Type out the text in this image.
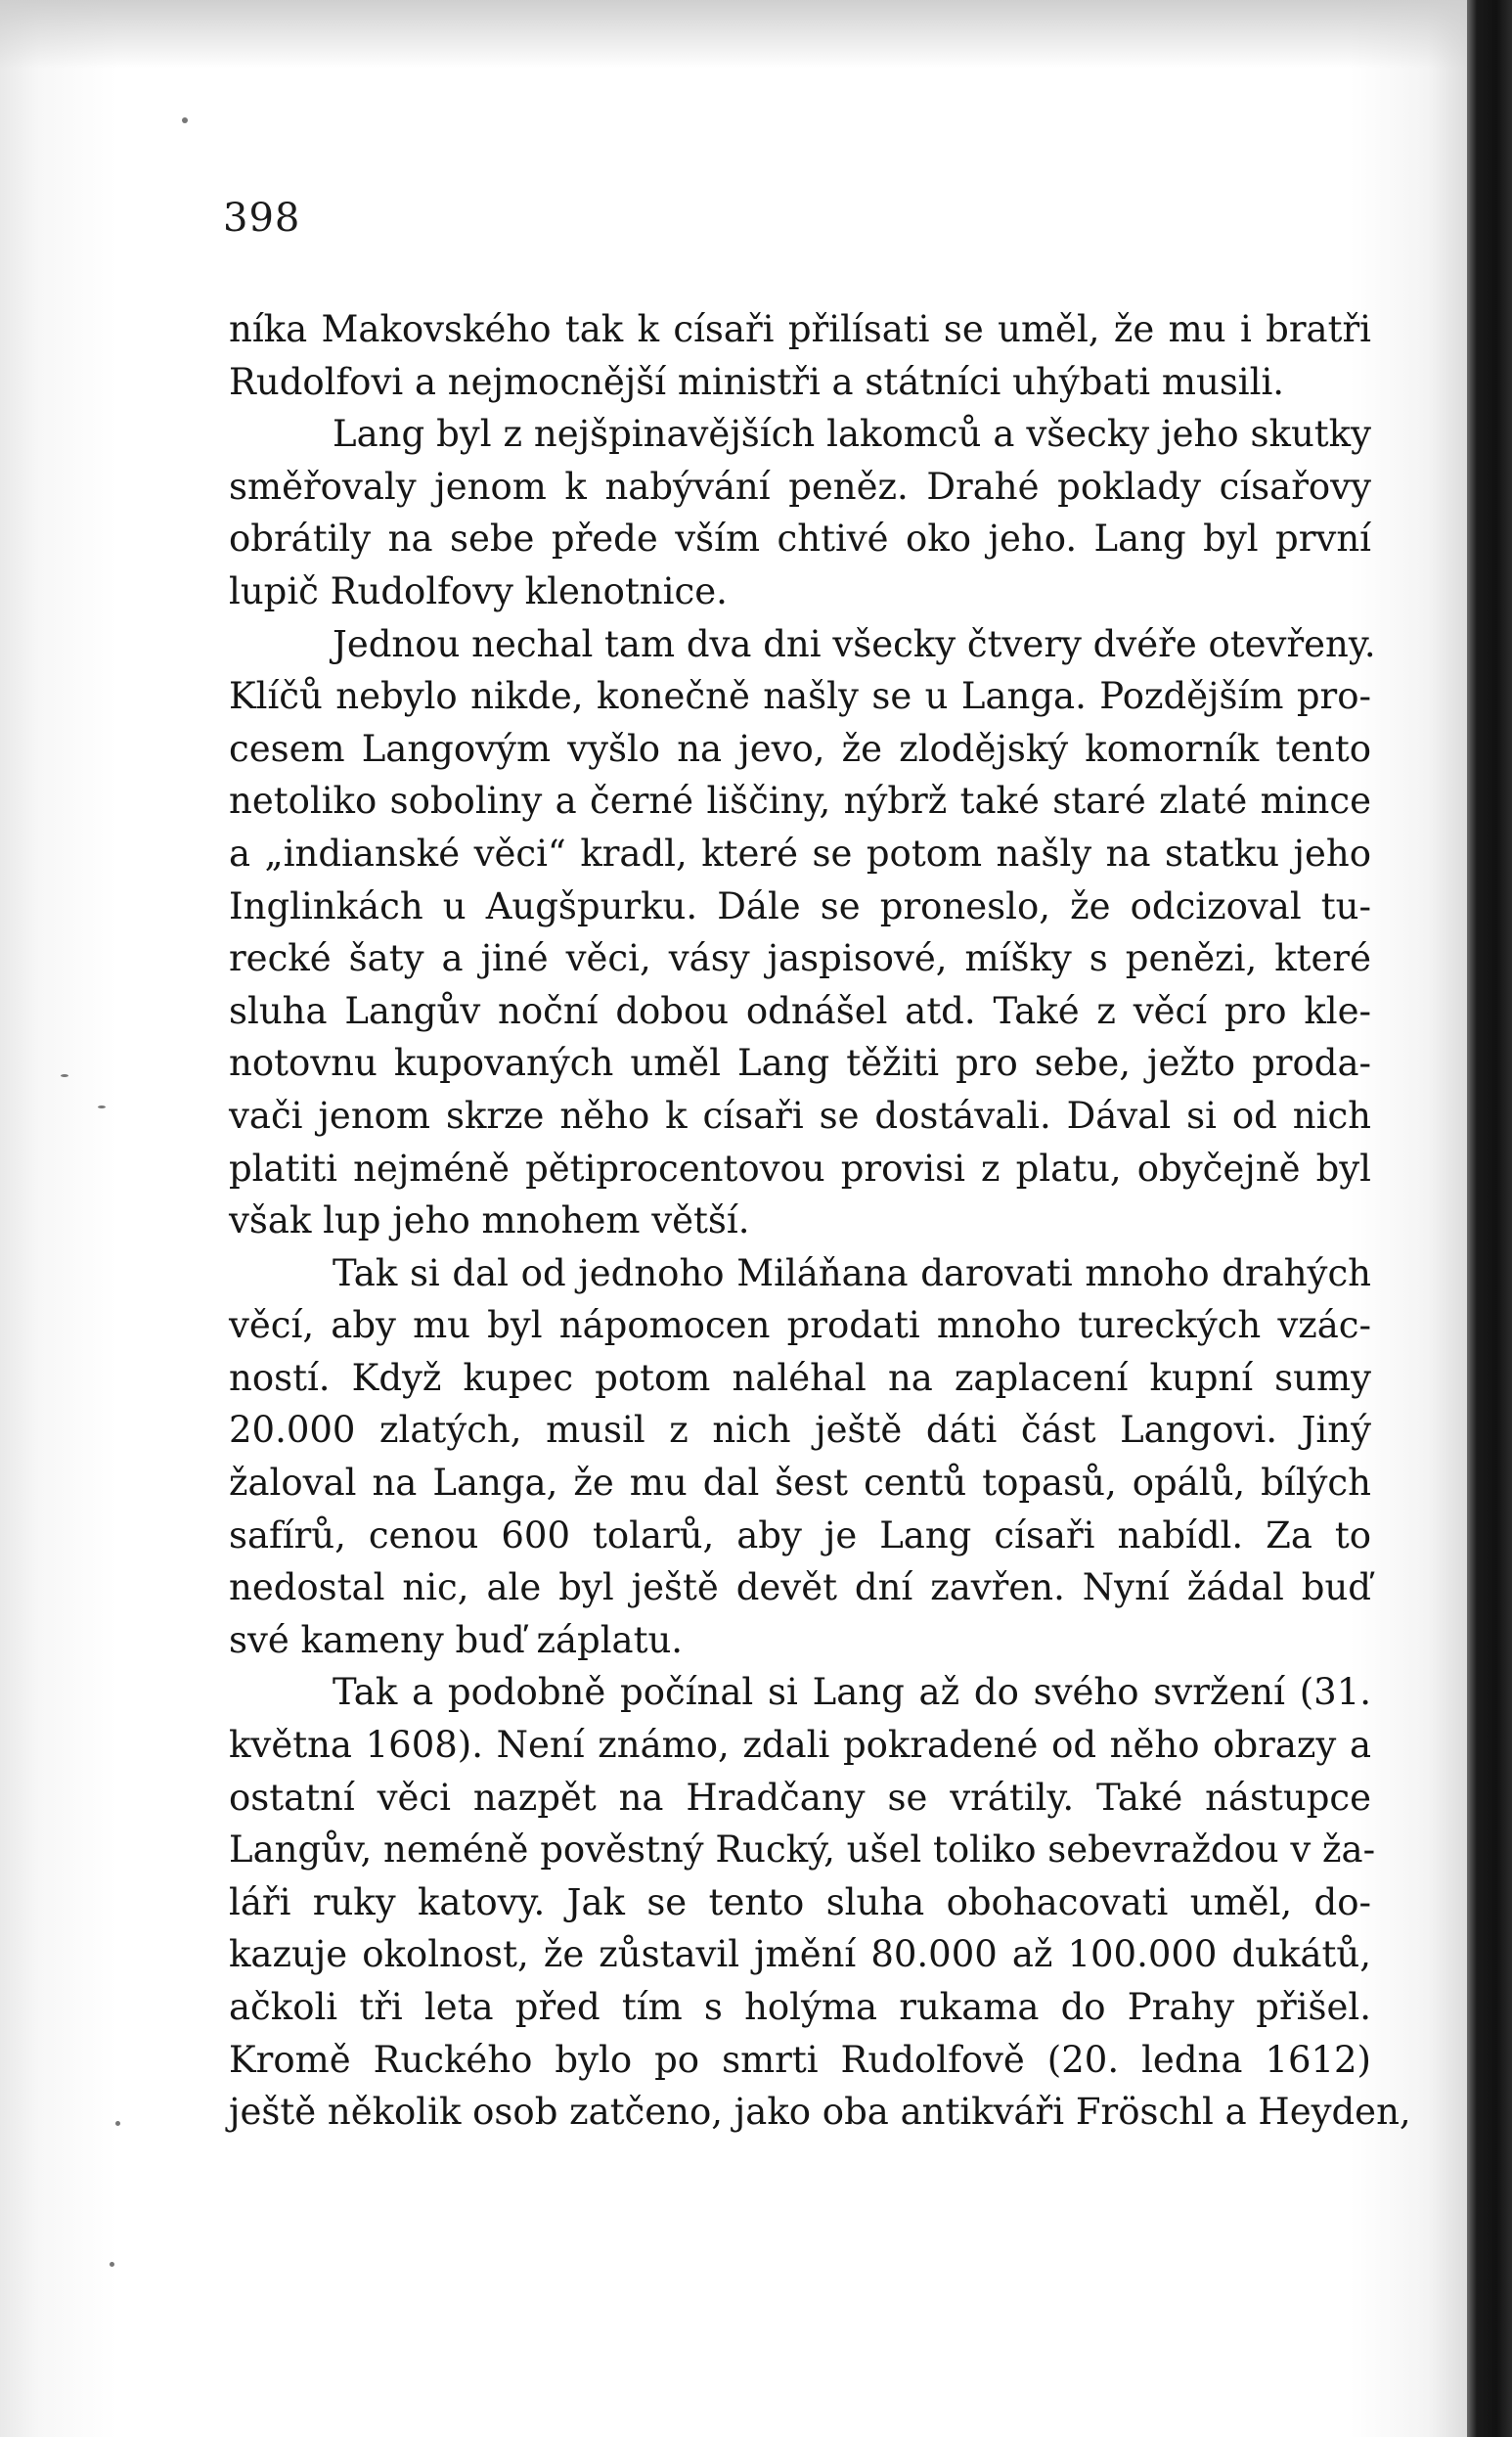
398
níka Makovského tak k císaři přilísati se uměl, že mu i bratři
Rudolfovi a nejmocnější ministři a státníci uhýbati musili.
Lang byl z nejšpinavějších lakomců a všecky jeho skutky
směřovaly jenom k nabývání peněz. Drahé poklady císařovy
obrátily na sebe přede vším chtivé oko jeho. Lang byl první
lupič Rudolfovy klenotnice.
Jednou nechal tam dva dni všecky čtvery dvéře otevřeny.
Klíčů nebylo nikde, konečně našly se u Langa. Pozdějším pro-
cesem Langovým vyšlo na jevo, že zlodějský komorník tento
netoliko soboliny a černé liščiny, nýbrž také staré zlaté mince
a „indianské věci“ kradl, které se potom našly na statku jeho
Inglinkách u Augšpurku. Dále se proneslo, že odcizoval tu-
recké šaty a jiné věci, vásy jaspisové, míšky s penězi, které
sluha Langův noční dobou odnášel atd. Také z věcí pro kle-
notovnu kupovaných uměl Lang těžiti pro sebe, ježto proda-
vači jenom skrze něho k císaři se dostávali. Dával si od nich
platiti nejméně pětiprocentovou provisi z platu, obyčejně byl
však lup jeho mnohem větší.
Tak si dal od jednoho Miláňana darovati mnoho drahých
věcí, aby mu byl nápomocen prodati mnoho tureckých vzác-
ností. Když kupec potom naléhal na zaplacení kupní sumy
20.000 zlatých, musil z nich ještě dáti část Langovi. Jiný
žaloval na Langa, že mu dal šest centů topasů, opálů, bílých
safírů, cenou 600 tolarů, aby je Lang císaři nabídl. Za to
nedostal nic, ale byl ještě devět dní zavřen. Nyní žádal buď
své kameny buď záplatu.
Tak a podobně počínal si Lang až do svého svržení (31.
května 1608). Není známo, zdali pokradené od něho obrazy a
ostatní věci nazpět na Hradčany se vrátily. Také nástupce
Langův, neméně pověstný Rucký, ušel toliko sebevraždou v ža-
láři ruky katovy. Jak se tento sluha obohacovati uměl, do-
kazuje okolnost, že zůstavil jmění 80.000 až 100.000 dukátů,
ačkoli tři leta před tím s holýma rukama do Prahy přišel.
Kromě Ruckého bylo po smrti Rudolfově (20. ledna 1612)
ještě několik osob zatčeno, jako oba antikváři Fröschl a Heyden,
